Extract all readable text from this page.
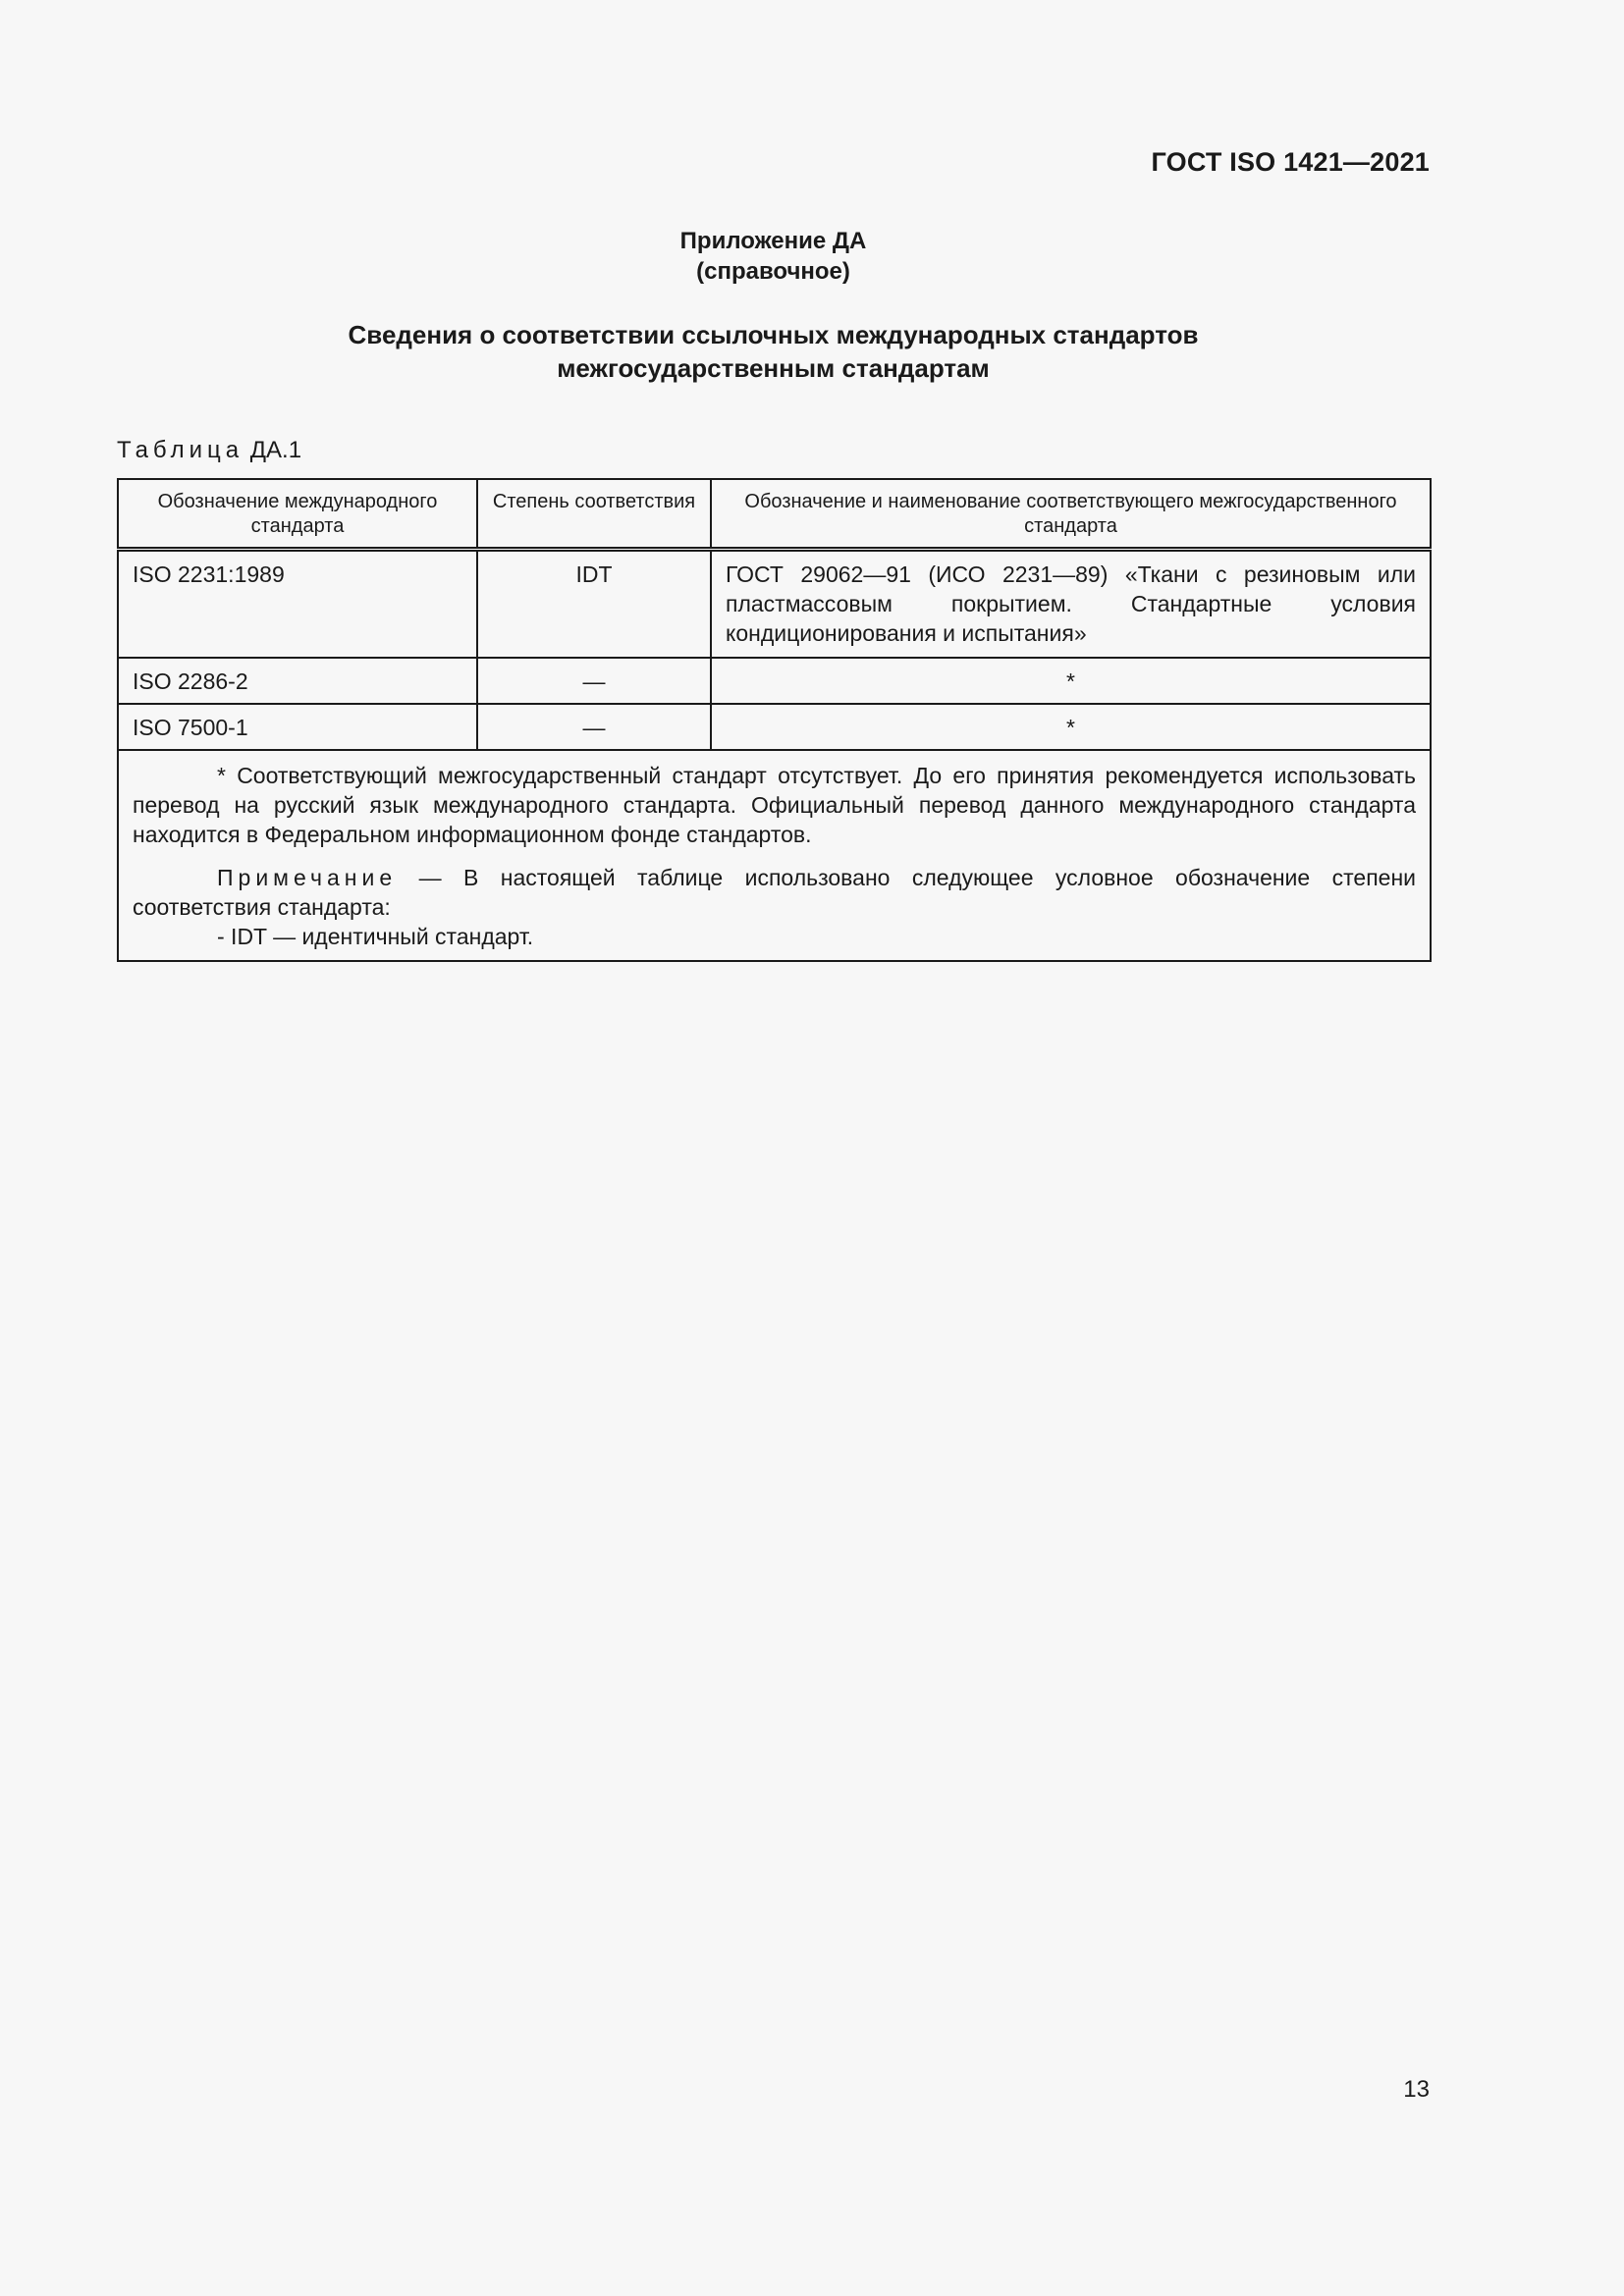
ГОСТ ISO 1421—2021
Приложение ДА
(справочное)
Сведения о соответствии ссылочных международных стандартов
межгосударственным стандартам
Таблица ДА.1
Обозначение международного стандарта	Степень соответствия	Обозначение и наименование соответствующего межгосударственного стандарта
ISO 2231:1989	IDT	ГОСТ 29062—91 (ИСО 2231—89) «Ткани с резиновым или пластмассовым покрытием. Стандартные условия кондиционирования и испытания»
ISO 2286-2	—	*
ISO 7500-1	—	*

* Соответствующий межгосударственный стандарт отсутствует. До его принятия рекомендуется использовать перевод на русский язык международного стандарта. Официальный перевод данного международного стандарта находится в Федеральном информационном фонде стандартов.

Примечание — В настоящей таблице использовано следующее условное обозначение степени соответствия стандарта:

- IDT — идентичный стандарт.		

13
